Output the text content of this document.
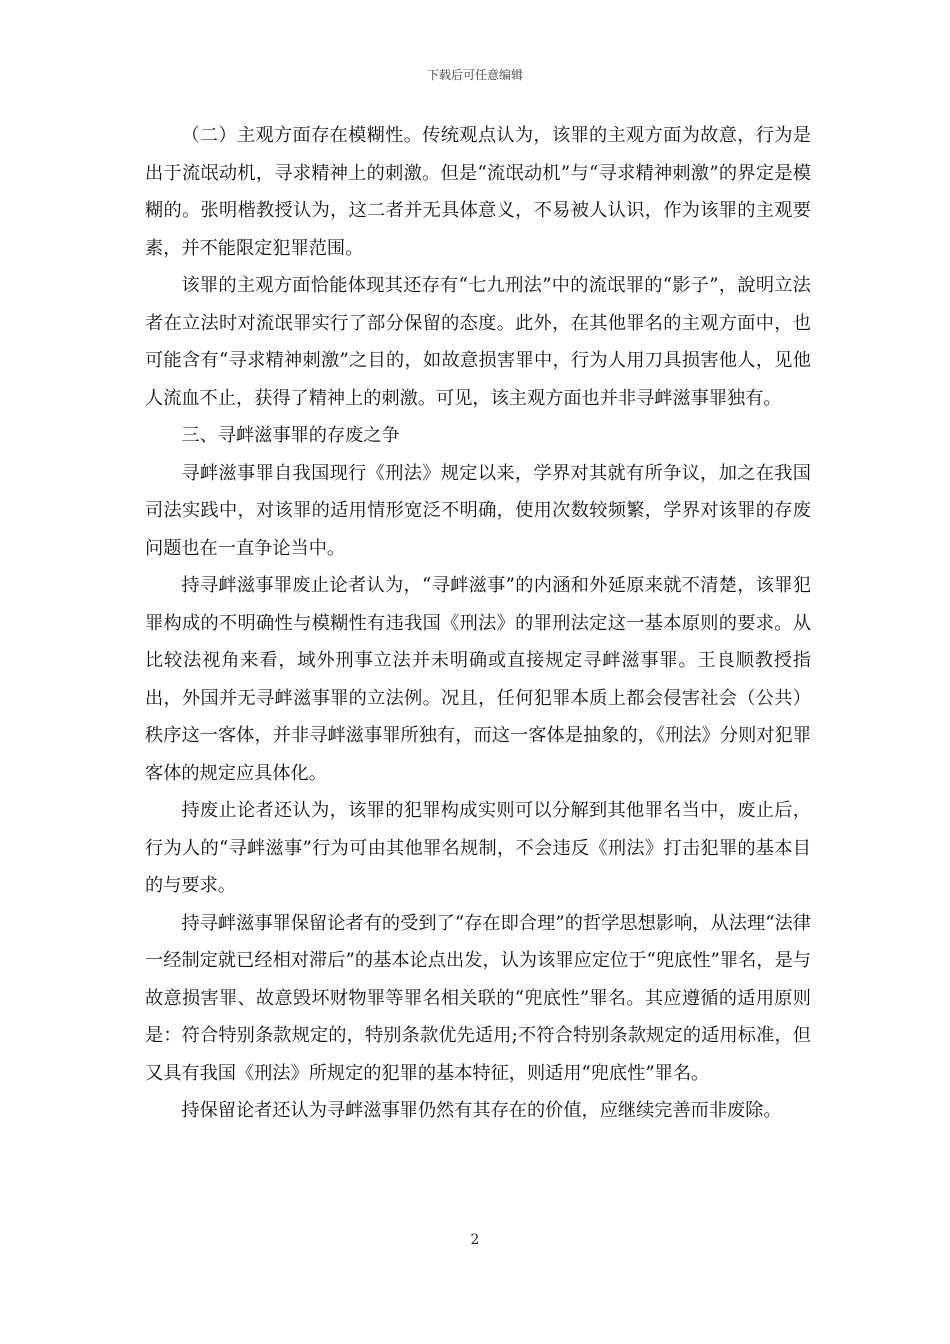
下载后可任意编辑

（二）主观方面存在模糊性。传统观点认为，该罪的主观方面为故意，行为是出于流氓动机，寻求精神上的刺激。但是“流氓动机”与“寻求精神刺激”的界定是模糊的。张明楷教授认为，这二者并无具体意义，不易被人认识，作为该罪的主观要素，并不能限定犯罪范围。

该罪的主观方面恰能体现其还存有“七九刑法”中的流氓罪的“影子”，說明立法者在立法时对流氓罪实行了部分保留的态度。此外，在其他罪名的主观方面中，也可能含有“寻求精神刺激”之目的，如故意损害罪中，行为人用刀具损害他人，见他人流血不止，获得了精神上的刺激。可见，该主观方面也并非寻衅滋事罪独有。

三、寻衅滋事罪的存废之争

寻衅滋事罪自我国现行《刑法》规定以来，学界对其就有所争议，加之在我国司法实践中，对该罪的适用情形宽泛不明确，使用次数较频繁，学界对该罪的存废问题也在一直争论当中。

持寻衅滋事罪废止论者认为，“寻衅滋事”的内涵和外延原来就不清楚，该罪犯罪构成的不明确性与模糊性有违我国《刑法》的罪刑法定这一基本原则的要求。从比较法视角来看，域外刑事立法并未明确或直接规定寻衅滋事罪。王良顺教授指出，外国并无寻衅滋事罪的立法例。况且，任何犯罪本质上都会侵害社会（公共）秩序这一客体，并非寻衅滋事罪所独有，而这一客体是抽象的，《刑法》分则对犯罪客体的规定应具体化。

持废止论者还认为，该罪的犯罪构成实则可以分解到其他罪名当中，废止后，行为人的“寻衅滋事”行为可由其他罪名规制，不会违反《刑法》打击犯罪的基本目的与要求。

持寻衅滋事罪保留论者有的受到了“存在即合理”的哲学思想影响，从法理“法律一经制定就已经相对滞后”的基本论点出发，认为该罪应定位于“兜底性”罪名，是与故意损害罪、故意毁坏财物罪等罪名相关联的“兜底性”罪名。其应遵循的适用原则是：符合特别条款规定的，特别条款优先适用;不符合特别条款规定的适用标准，但又具有我国《刑法》所规定的犯罪的基本特征，则适用“兜底性”罪名。

持保留论者还认为寻衅滋事罪仍然有其存在的价值，应继续完善而非废除。

2
